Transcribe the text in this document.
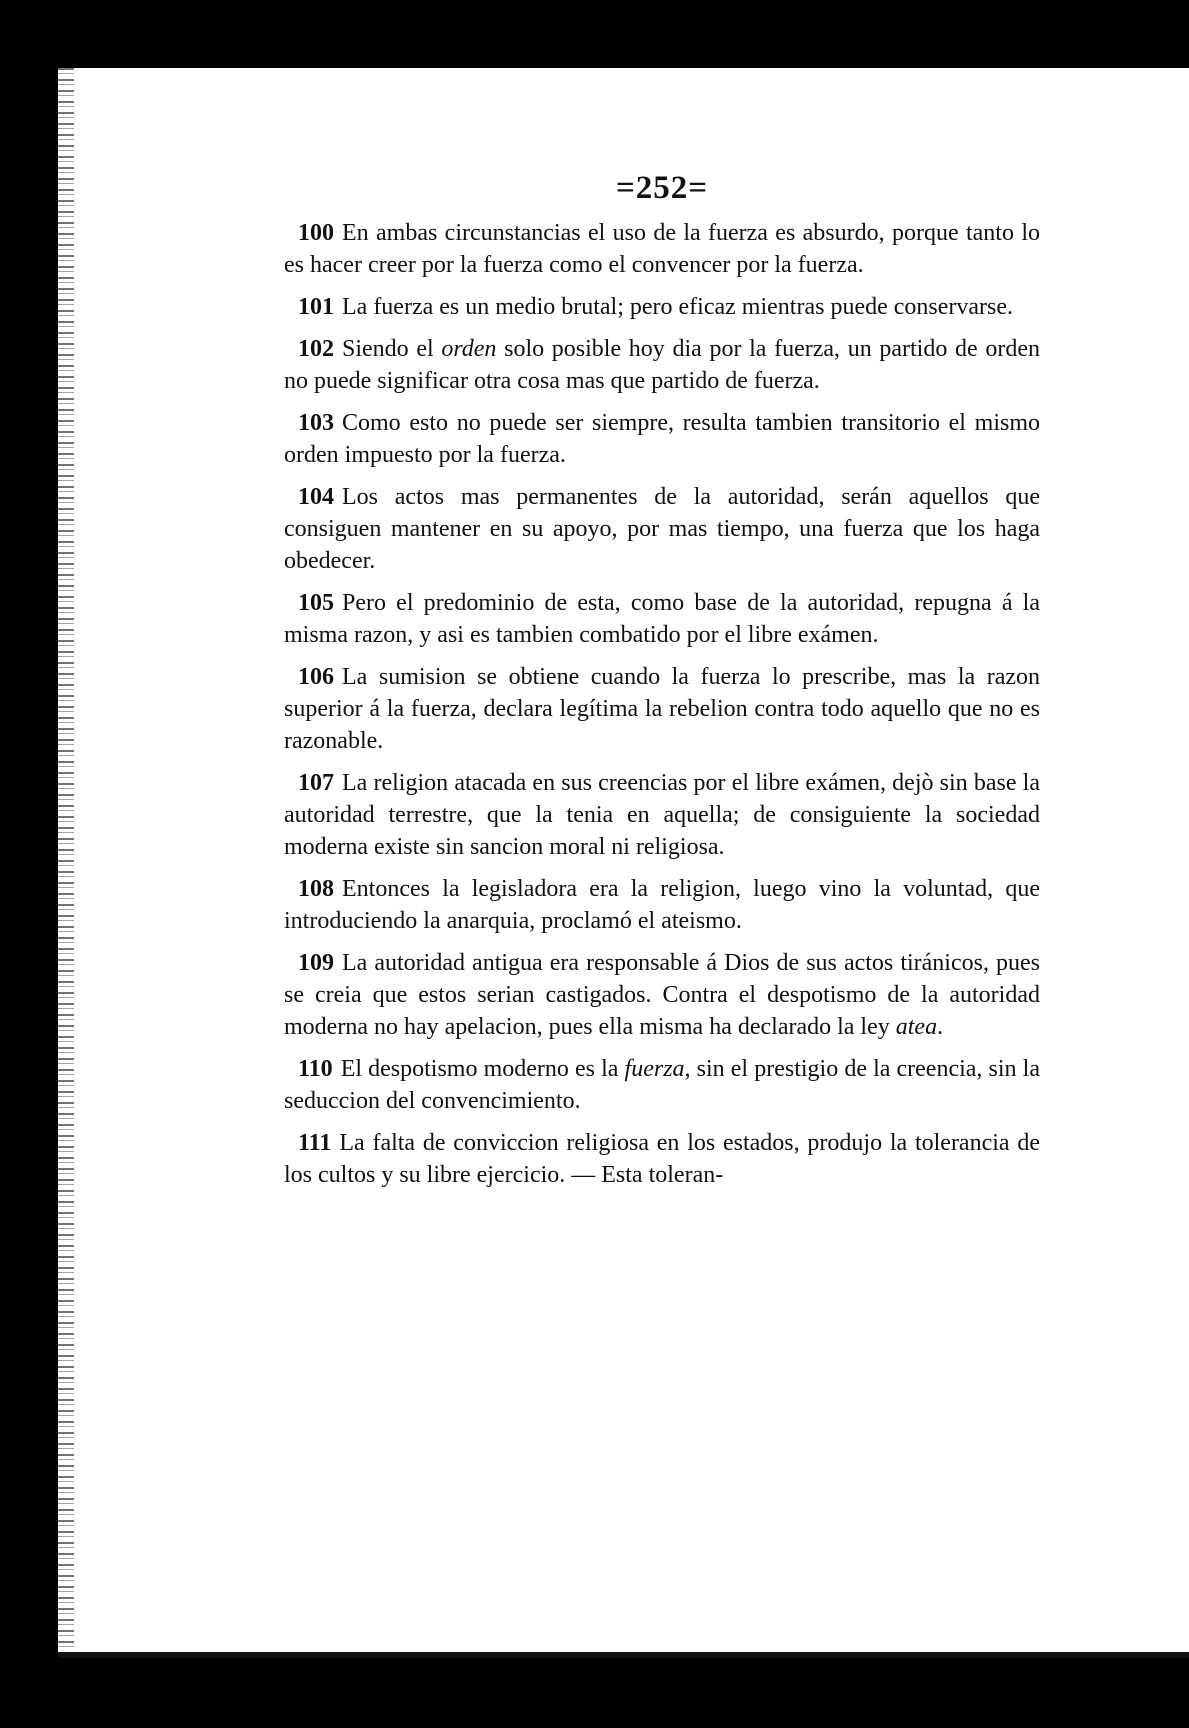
=252=

100 En ambas circunstancias el uso de la fuerza es absurdo, porque tanto lo es hacer creer por la fuerza como el convencer por la fuerza.

101 La fuerza es un medio brutal; pero eficaz mientras puede conservarse.

102 Siendo el orden solo posible hoy dia por la fuerza, un partido de orden no puede significar otra cosa mas que partido de fuerza.

103 Como esto no puede ser siempre, resulta tambien transitorio el mismo orden impuesto por la fuerza.

104 Los actos mas permanentes de la autoridad, serán aquellos que consiguen mantener en su apoyo, por mas tiempo, una fuerza que los haga obedecer.

105 Pero el predominio de esta, como base de la autoridad, repugna á la misma razon, y asi es tambien combatido por el libre exámen.

106 La sumision se obtiene cuando la fuerza lo prescribe, mas la razon superior á la fuerza, declara legítima la rebelion contra todo aquello que no es razonable.

107 La religion atacada en sus creencias por el libre exámen, dejò sin base la autoridad terrestre, que la tenia en aquella; de consiguiente la sociedad moderna existe sin sancion moral ni religiosa.

108 Entonces la legisladora era la religion, luego vino la voluntad, que introduciendo la anarquia, proclamó el ateismo.

109 La autoridad antigua era responsable á Dios de sus actos tiránicos, pues se creia que estos serian castigados. Contra el despotismo de la autoridad moderna no hay apelacion, pues ella misma ha declarado la ley atea.

110 El despotismo moderno es la fuerza, sin el prestigio de la creencia, sin la seduccion del convencimiento.

111 La falta de conviccion religiosa en los estados, produjo la tolerancia de los cultos y su libre ejercicio. — Esta toleran-
